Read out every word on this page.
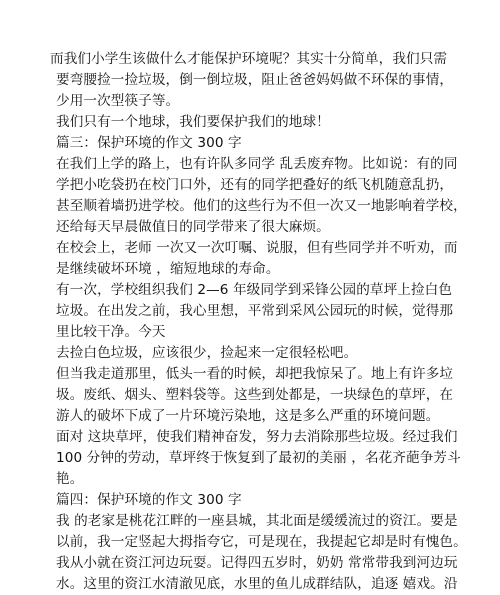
而我们小学生该做什么才能保护环境呢？其实十分简单，我们只需
要弯腰捡一捡垃圾，倒一倒垃圾，阻止爸爸妈妈做不环保的事情，
少用一次型筷子等。
我们只有一个地球，我们要保护我们的地球！
篇三：保护环境的作文 300 字
在我们上学的路上，也有许队多同学 乱丢废弃物。比如说：有的同
学把小吃袋扔在校门口外，还有的同学把叠好的纸飞机随意乱扔，
甚至顺着墙扔进学校。他们的这些行为不但一次又一地影响着学校，
还给每天早晨做值日的同学带来了很大麻烦。
在校会上，老师 一次又一次叮嘱、说服，但有些同学并不听劝，而
是继续破坏环境 ，缩短地球的寿命。
有一次，学校组织我们 2—6 年级同学到采锋公园的草坪上捡白色
垃圾。在出发之前，我心里想，平常到采风公园玩的时候，觉得那
里比较干净。今天
去捡白色垃圾，应该很少，捡起来一定很轻松吧。
但当我走道那里，低头一看的时候，却把我惊呆了。地上有许多垃
圾。废纸、烟头、塑料袋等。这些到处都是，一块绿色的草坪，在
游人的破坏下成了一片环境污染地，这是多么严重的环境问题。
面对 这块草坪，使我们精神奋发，努力去消除那些垃圾。经过我们
100 分钟的劳动，草坪终于恢复到了最初的美丽 ，名花齐葩争芳斗
艳。
篇四：保护环境的作文 300 字
我 的老家是桃花江畔的一座县城，其北面是缓缓流过的资江。要是
以前，我一定竖起大拇指夸它，可是现在，我提起它却是时有愧色。
我从小就在资江河边玩耍。记得四五岁时，奶奶 常常带我到河边玩
水。这里的资江水清澈见底，水里的鱼儿成群结队，追逐 嬉戏。沿
